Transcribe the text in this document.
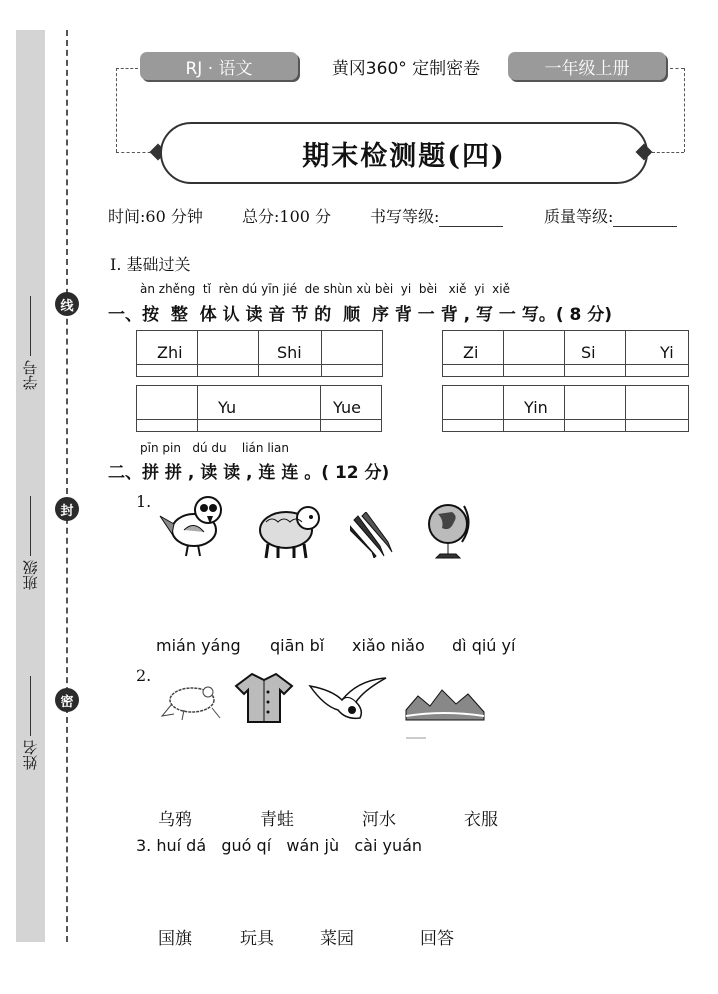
学号
班级
姓名
线
封
密
RJ · 语文	黄冈360° 定制密卷	一年级上册
期末检测题(四)
时间:60 分钟 总分:100 分 书写等级:	质量等级:
Ⅰ. 基础过关
àn zhěng  tǐ  rèn dú yīn jié  de shùn xù bèi  yi  bèi   xiě  yi  xiě
一、按  整  体 认 读 音 节 的  顺  序 背 一 背 , 写 一 写。( 8 分)
Zhi	Shi	Zi	Si	Yi
Yu	Yue	Yin
pīn pin   dú du    lián lian
二、拼 拼 , 读 读 , 连 连 。( 12 分)
1.
mián yáng	qiān bǐ	xiǎo niǎo	dì qiú yí
2.
乌鸦	青蛙	河水	衣服
3. huí dá   guó qí   wán jù   cài yuán
国旗	玩具	菜园	回答
